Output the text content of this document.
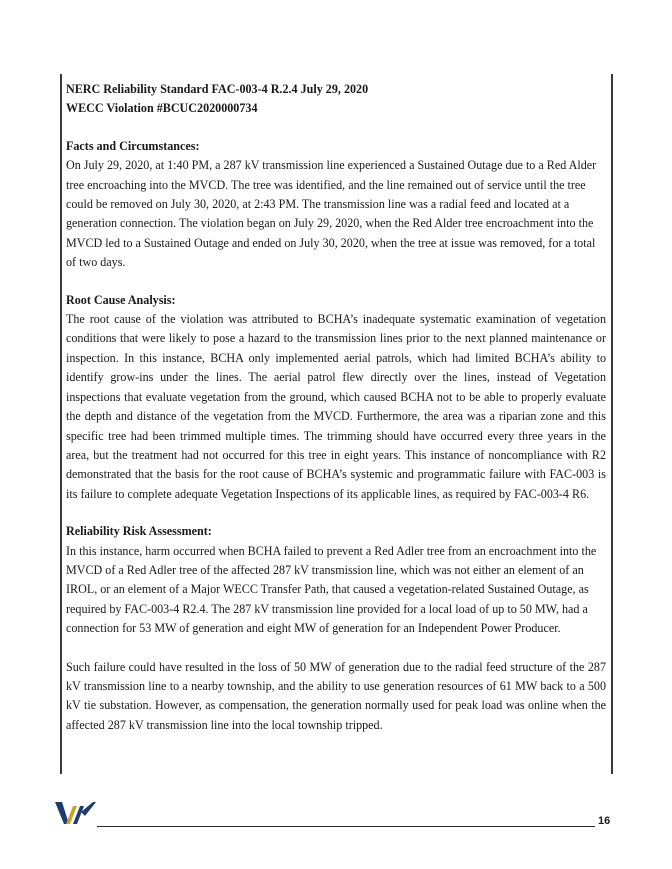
NERC Reliability Standard FAC-003-4 R.2.4 July 29, 2020

WECC Violation #BCUC2020000734

Facts and Circumstances:

On July 29, 2020, at 1:40 PM, a 287 kV transmission line experienced a Sustained Outage due to a Red Alder tree encroaching into the MVCD. The tree was identified, and the line remained out of service until the tree could be removed on July 30, 2020, at 2:43 PM. The transmission line was a radial feed and located at a generation connection. The violation began on July 29, 2020, when the Red Alder tree encroachment into the MVCD led to a Sustained Outage and ended on July 30, 2020, when the tree at issue was removed, for a total of two days.

Root Cause Analysis:

The root cause of the violation was attributed to BCHA’s inadequate systematic examination of vegetation conditions that were likely to pose a hazard to the transmission lines prior to the next planned maintenance or inspection. In this instance, BCHA only implemented aerial patrols, which had limited BCHA’s ability to identify grow-ins under the lines. The aerial patrol flew directly over the lines, instead of Vegetation inspections that evaluate vegetation from the ground, which caused BCHA not to be able to properly evaluate the depth and distance of the vegetation from the MVCD. Furthermore, the area was a riparian zone and this specific tree had been trimmed multiple times. The trimming should have occurred every three years in the area, but the treatment had not occurred for this tree in eight years. This instance of noncompliance with R2 demonstrated that the basis for the root cause of BCHA’s systemic and programmatic failure with FAC-003 is its failure to complete adequate Vegetation Inspections of its applicable lines, as required by FAC-003-4 R6.

Reliability Risk Assessment:

In this instance, harm occurred when BCHA failed to prevent a Red Adler tree from an encroachment into the MVCD of a Red Adler tree of the affected 287 kV transmission line, which was not either an element of an IROL, or an element of a Major WECC Transfer Path, that caused a vegetation-related Sustained Outage, as required by FAC-003-4 R2.4. The 287 kV transmission line provided for a local load of up to 50 MW, had a connection for 53 MW of generation and eight MW of generation for an Independent Power Producer.

Such failure could have resulted in the loss of 50 MW of generation due to the radial feed structure of the 287 kV transmission line to a nearby township, and the ability to use generation resources of 61 MW back to a 500 kV tie substation. However, as compensation, the generation normally used for peak load was online when the affected 287 kV transmission line into the local township tripped.

16
